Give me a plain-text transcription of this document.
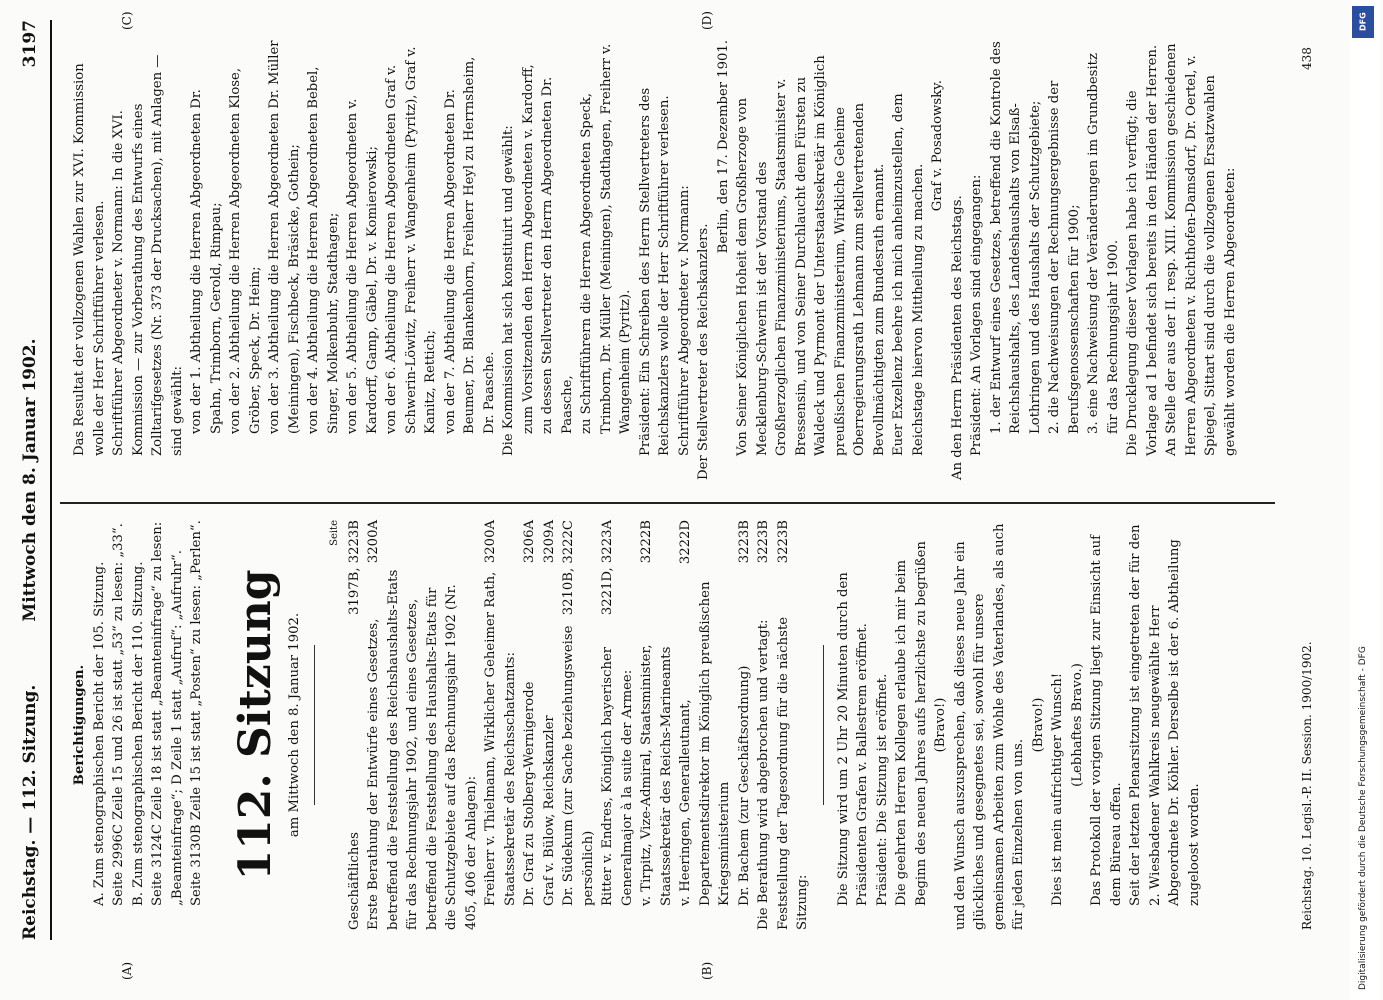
Reichstag. — 112. Sitzung.
Mittwoch den 8. Januar 1902.
3197
(A)	(B)
(C)	(D)

Berichtigungen. A. Zum stenographischen Bericht der 105. Sitzung. Seite 2996C Zeile 15 und 26 ist statt „53“ zu lesen: „33“. B. Zum stenographischen Bericht der 110. Sitzung. Seite 3124C Zeile 18 ist statt „Beamteninfrage“ zu lesen: „Beamteinfrage“; D Zeile 1 statt „Aufruf“: „Aufruhr“. Seite 3130B Zeile 15 ist statt „Posten“ zu lesen: „Perlen“. 112. Sitzung am Mittwoch den 8. Januar 1902.

Seite

Geschäftliches
3197B, 3223B
Erste Berathung der Entwürfe eines Gesetzes, betreffend die Feststellung des Reichshaushalts-Etats für das Rechnungsjahr 1902, und eines Gesetzes, betreffend die Feststellung des Haushalts-Etats für die Schutzgebiete auf das Rechnungsjahr 1902 (Nr. 405, 406 der Anlagen):
3200A
Freiherr v. Thielmann, Wirklicher Geheimer Rath, Staatssekretär des Reichsschatzamts:
3200A
Dr. Graf zu Stolberg-Wernigerode
3206A
Graf v. Bülow, Reichskanzler
3209A
Dr. Südekum (zur Sache beziehungsweise persönlich)
3210B, 3222C
Ritter v. Endres, Königlich bayerischer Generalmajor à la suite der Armee:
3221D, 3223A
v. Tirpitz, Vize-Admiral, Staatsminister, Staatssekretär des Reichs-Marineamts
3222B
v. Heeringen, Generalleutnant, Departementsdirektor im Königlich preußischen Kriegsministerium
3222D
Dr. Bachem (zur Geschäftsordnung)
3223B
Die Berathung wird abgebrochen und vertagt:
3223B
Feststellung der Tagesordnung für die nächste Sitzung:
3223B

Die Sitzung wird um 2 Uhr 20 Minuten durch den Präsidenten Grafen v. Ballestrem eröffnet. Präsident: Die Sitzung ist eröffnet. Die geehrten Herren Kollegen erlaube ich mir beim Beginn des neuen Jahres aufs herzlichste zu begrüßen (Bravo!) und den Wunsch auszusprechen, daß dieses neue Jahr ein glückliches und gesegnetes sei, sowohl für unsere gemeinsamen Arbeiten zum Wohle des Vaterlandes, als auch für jeden Einzelnen von uns.

(Bravo!) Dies ist mein aufrichtiger Wunsch! (Lebhaftes Bravo.) Das Protokoll der vorigen Sitzung liegt zur Einsicht auf dem Büreau offen. Seit der letzten Plenarsitzung ist eingetreten der für den 2. Wiesbadener Wahlkreis neugewählte Herr Abgeordnete Dr. Köhler. Derselbe ist der 6. Abtheilung zugeloost worden.

Das Resultat der vollzogenen Wahlen zur XVI. Kommission wolle der Herr Schriftführer verlesen. Schriftführer Abgeordneter v. Normann: In die XVI. Kommission — zur Vorberathung des Entwurfs eines Zolltarifgesetzes (Nr. 373 der Drucksachen), mit Anlagen — sind gewählt: von der 1. Abtheilung die Herren Abgeordneten Dr. Spahn, Trimborn, Gerold, Rimpau; von der 2. Abtheilung die Herren Abgeordneten Klose, Gröber, Speck, Dr. Heim; von der 3. Abtheilung die Herren Abgeordneten Dr. Müller (Meiningen), Fischbeck, Bräsicke, Gothein; von der 4. Abtheilung die Herren Abgeordneten Bebel, Singer, Molkenbuhr, Stadthagen; von der 5. Abtheilung die Herren Abgeordneten v. Kardorff, Gamp, Gäbel, Dr. v. Komierowski; von der 6. Abtheilung die Herren Abgeordneten Graf v. Schwerin-Löwitz, Freiherr v. Wangenheim (Pyritz), Graf v. Kanitz, Rettich; von der 7. Abtheilung die Herren Abgeordneten Dr. Beumer, Dr. Blankenhorn, Freiherr Heyl zu Herrnsheim, Dr. Paasche. Die Kommission hat sich konstituirt und gewählt: zum Vorsitzenden den Herrn Abgeordneten v. Kardorff, zu dessen Stellvertreter den Herrn Abgeordneten Dr. Paasche, zu Schriftführern die Herren Abgeordneten Speck, Trimborn, Dr. Müller (Meiningen), Stadthagen, Freiherr v. Wangenheim (Pyritz). Präsident: Ein Schreiben des Herrn Stellvertreters des Reichskanzlers wolle der Herr Schriftführer verlesen. Schriftführer Abgeordneter v. Normann: Der Stellvertreter des Reichskanzlers.

Berlin, den 17. Dezember 1901. Von Seiner Königlichen Hoheit dem Großherzoge von Mecklenburg-Schwerin ist der Vorstand des Großherzoglichen Finanzministeriums, Staatsminister v. Bressensin, und von Seiner Durchlaucht dem Fürsten zu Waldeck und Pyrmont der Unterstaatssekretär im Königlich preußischen Finanzministerium, Wirkliche Geheime Oberregierungsrath Lehmann zum stellvertretenden Bevollmächtigten zum Bundesrath ernannt. Euer Exzellenz beehre ich mich anheimzustellen, dem Reichstage hiervon Mittheilung zu machen.

Graf v. Posadowsky.

An den Herrn Präsidenten des Reichstags. Präsident: An Vorlagen sind eingegangen: 1. der Entwurf eines Gesetzes, betreffend die Kontrole des Reichshaushalts, des Landeshaushalts von Elsaß-Lothringen und des Haushalts der Schutzgebiete; 2. die Nachweisungen der Rechnungsergebnisse der Berufsgenossenschaften für 1900; 3. eine Nachweisung der Veränderungen im Grundbesitz für das Rechnungsjahr 1900. Die Drucklegung dieser Vorlagen habe ich verfügt; die Vorlage ad 1 befindet sich bereits in den Händen der Herren. An Stelle der aus der II. resp. XIII. Kommission geschiedenen Herren Abgeordneten v. Richthofen-Damsdorf, Dr. Oertel, v. Spiegel, Sittart sind durch die vollzogenen Ersatzwahlen gewählt worden die Herren Abgeordneten:

Reichstag. 10. Legisl.-P. II. Session. 1900/1902.
438
DFG
Digitalisierung gefördert durch die Deutsche Forschungsgemeinschaft - DFG
